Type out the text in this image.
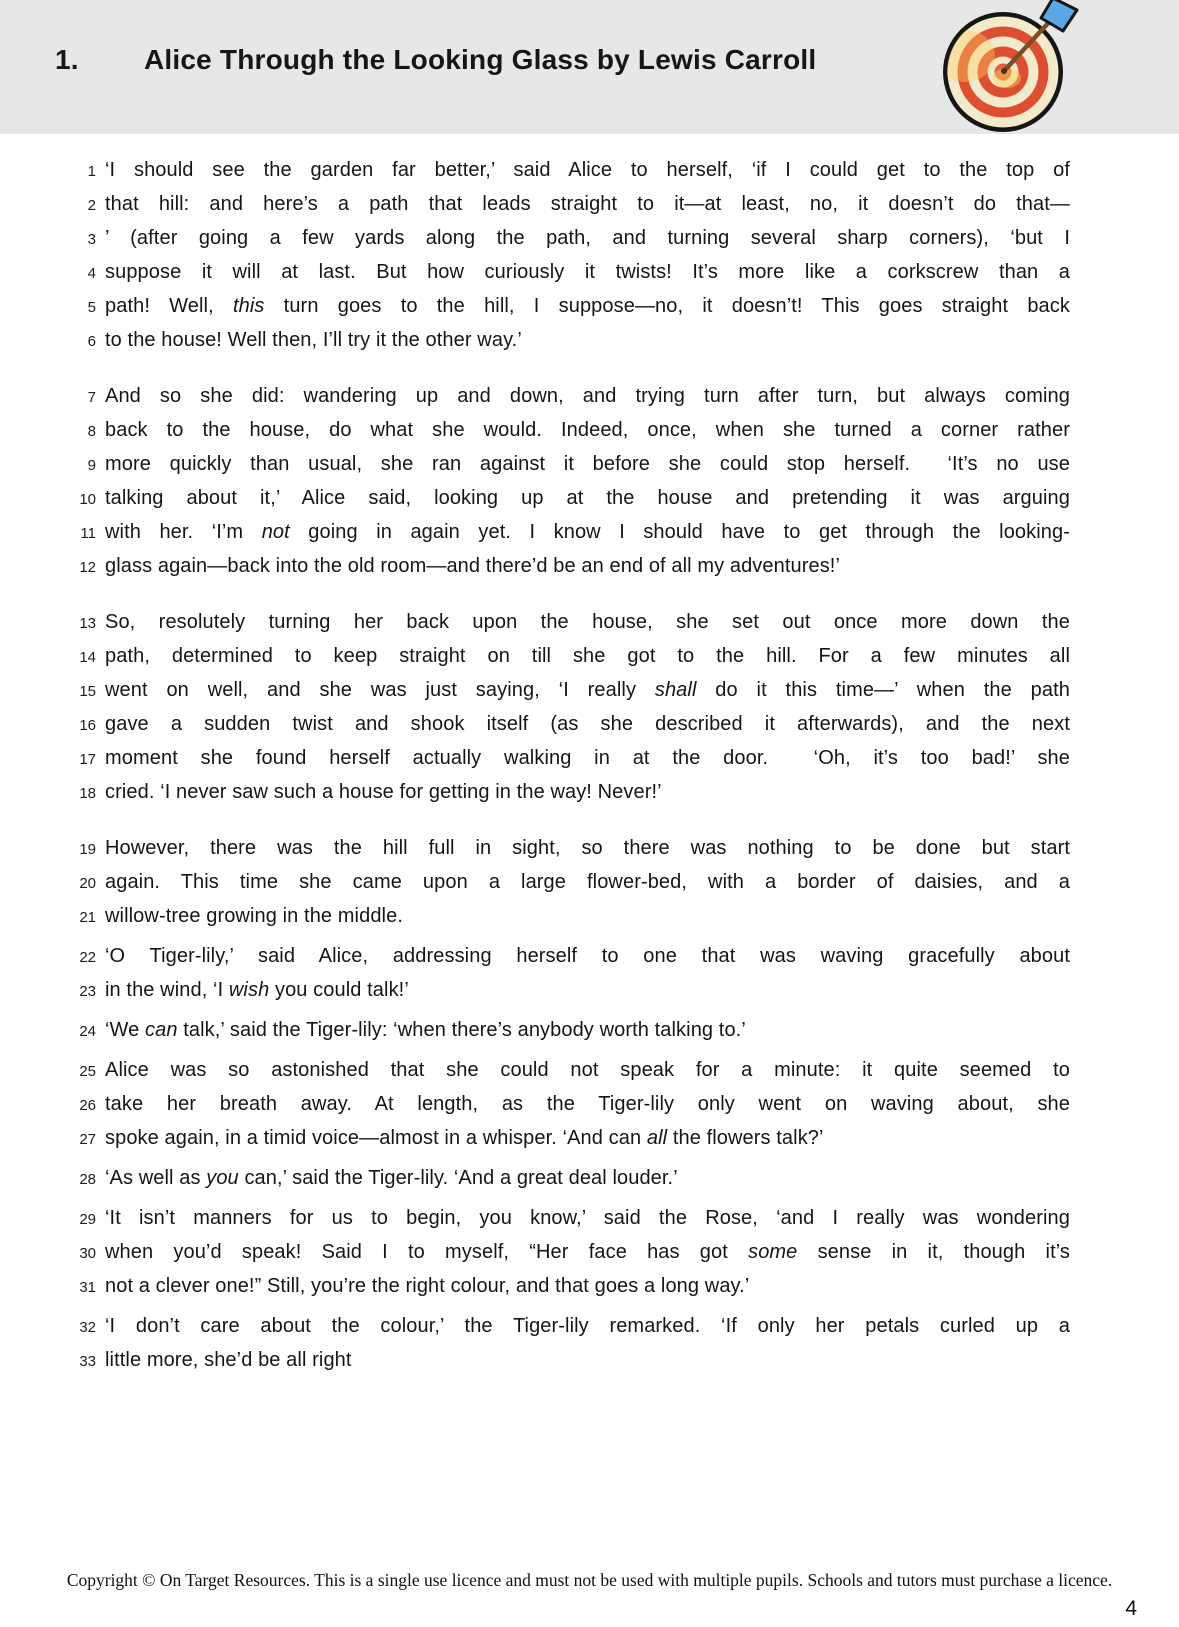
1. Alice Through the Looking Glass by Lewis Carroll
1 ‘I should see the garden far better,’ said Alice to herself, ‘if I could get to the top of
2 that hill: and here’s a path that leads straight to it—at least, no, it doesn’t do that—
3 ’ (after going a few yards along the path, and turning several sharp corners), ‘but I
4 suppose it will at last. But how curiously it twists! It’s more like a corkscrew than a
5 path! Well, this turn goes to the hill, I suppose—no, it doesn’t! This goes straight back
6 to the house! Well then, I’ll try it the other way.’
7 And so she did: wandering up and down, and trying turn after turn, but always coming
8 back to the house, do what she would. Indeed, once, when she turned a corner rather
9 more quickly than usual, she ran against it before she could stop herself.  ‘It’s no use
10 talking about it,’ Alice said, looking up at the house and pretending it was arguing
11 with her. ‘I’m not going in again yet. I know I should have to get through the looking-
12 glass again—back into the old room—and there’d be an end of all my adventures!’
13 So, resolutely turning her back upon the house, she set out once more down the
14 path, determined to keep straight on till she got to the hill. For a few minutes all
15 went on well, and she was just saying, ‘I really shall do it this time—’ when the path
16 gave a sudden twist and shook itself (as she described it afterwards), and the next
17 moment she found herself actually walking in at the door.  ‘Oh, it’s too bad!’ she
18 cried. ‘I never saw such a house for getting in the way! Never!’
19 However, there was the hill full in sight, so there was nothing to be done but start
20 again. This time she came upon a large flower-bed, with a border of daisies, and a
21 willow-tree growing in the middle.
22 ‘O Tiger-lily,’ said Alice, addressing herself to one that was waving gracefully about
23 in the wind, ‘I wish you could talk!’
24 ‘We can talk,’ said the Tiger-lily: ‘when there’s anybody worth talking to.’
25 Alice was so astonished that she could not speak for a minute: it quite seemed to
26 take her breath away. At length, as the Tiger-lily only went on waving about, she
27 spoke again, in a timid voice—almost in a whisper. ‘And can all the flowers talk?’
28 ‘As well as you can,’ said the Tiger-lily. ‘And a great deal louder.’
29 ‘It isn’t manners for us to begin, you know,’ said the Rose, ‘and I really was wondering
30 when you’d speak! Said I to myself, “Her face has got some sense in it, though it’s
31 not a clever one!” Still, you’re the right colour, and that goes a long way.’
32 ‘I don’t care about the colour,’ the Tiger-lily remarked. ‘If only her petals curled up a
33 little more, she’d be all right
Copyright © On Target Resources. This is a single use licence and must not be used with multiple pupils. Schools and tutors must purchase a licence.
4
